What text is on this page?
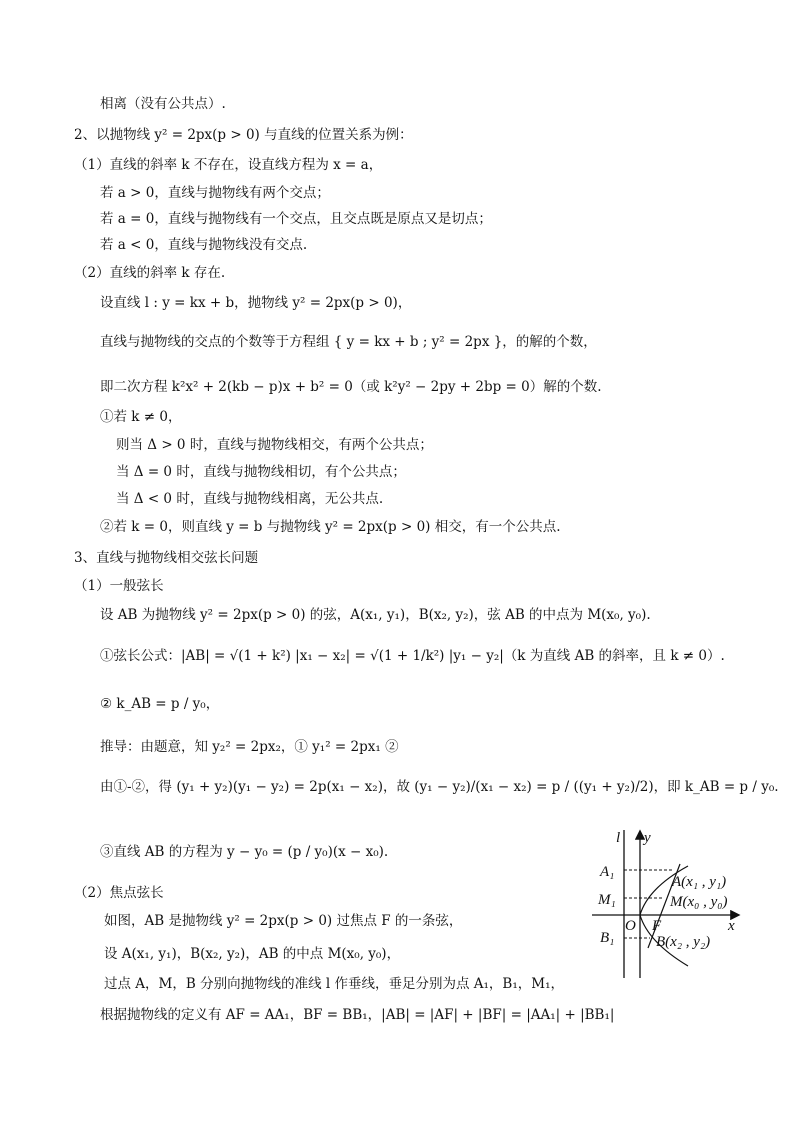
相离（没有公共点）.
2、以抛物线 y² = 2px(p > 0) 与直线的位置关系为例：
（1）直线的斜率 k 不存在，设直线方程为 x = a，
若 a > 0，直线与抛物线有两个交点；
若 a = 0，直线与抛物线有一个交点，且交点既是原点又是切点；
若 a < 0，直线与抛物线没有交点.
（2）直线的斜率 k 存在.
设直线 l : y = kx + b，抛物线 y² = 2px(p > 0)，
直线与抛物线的交点的个数等于方程组 { y = kx + b ; y² = 2px }，的解的个数，
即二次方程 k²x² + 2(kb − p)x + b² = 0（或 k²y² − 2py + 2bp = 0）解的个数.
①若 k ≠ 0，
则当 Δ > 0 时，直线与抛物线相交，有两个公共点；
当 Δ = 0 时，直线与抛物线相切，有个公共点；
当 Δ < 0 时，直线与抛物线相离，无公共点.
②若 k = 0，则直线 y = b 与抛物线 y² = 2px(p > 0) 相交，有一个公共点.
3、直线与抛物线相交弦长问题
（1）一般弦长
设 AB 为抛物线 y² = 2px(p > 0) 的弦，A(x₁, y₁)，B(x₂, y₂)，弦 AB 的中点为 M(x₀, y₀).
①弦长公式：|AB| = √(1 + k²) |x₁ − x₂| = √(1 + 1/k²) |y₁ − y₂|（k 为直线 AB 的斜率，且 k ≠ 0）.
② k_AB = p / y₀，
推导：由题意，知 y₂² = 2px₂，① y₁² = 2px₁ ②
由①-②，得 (y₁ + y₂)(y₁ − y₂) = 2p(x₁ − x₂)，故 (y₁ − y₂)/(x₁ − x₂) = p / ((y₁ + y₂)/2)，即 k_AB = p / y₀.
③直线 AB 的方程为 y − y₀ = (p / y₀)(x − x₀).
（2）焦点弦长
如图，AB 是抛物线 y² = 2px(p > 0) 过焦点 F 的一条弦，
设 A(x₁, y₁)，B(x₂, y₂)，AB 的中点 M(x₀, y₀)，
过点 A，M，B 分别向抛物线的准线 l 作垂线，垂足分别为点 A₁，B₁，M₁，
根据抛物线的定义有 AF = AA₁，BF = BB₁，|AB| = |AF| + |BF| = |AA₁| + |BB₁|
l y
x
O F
A₁
M₁
B₁
A(x₁ , y₁)
M(x₀ , y₀)
B(x₂ , y₂)
